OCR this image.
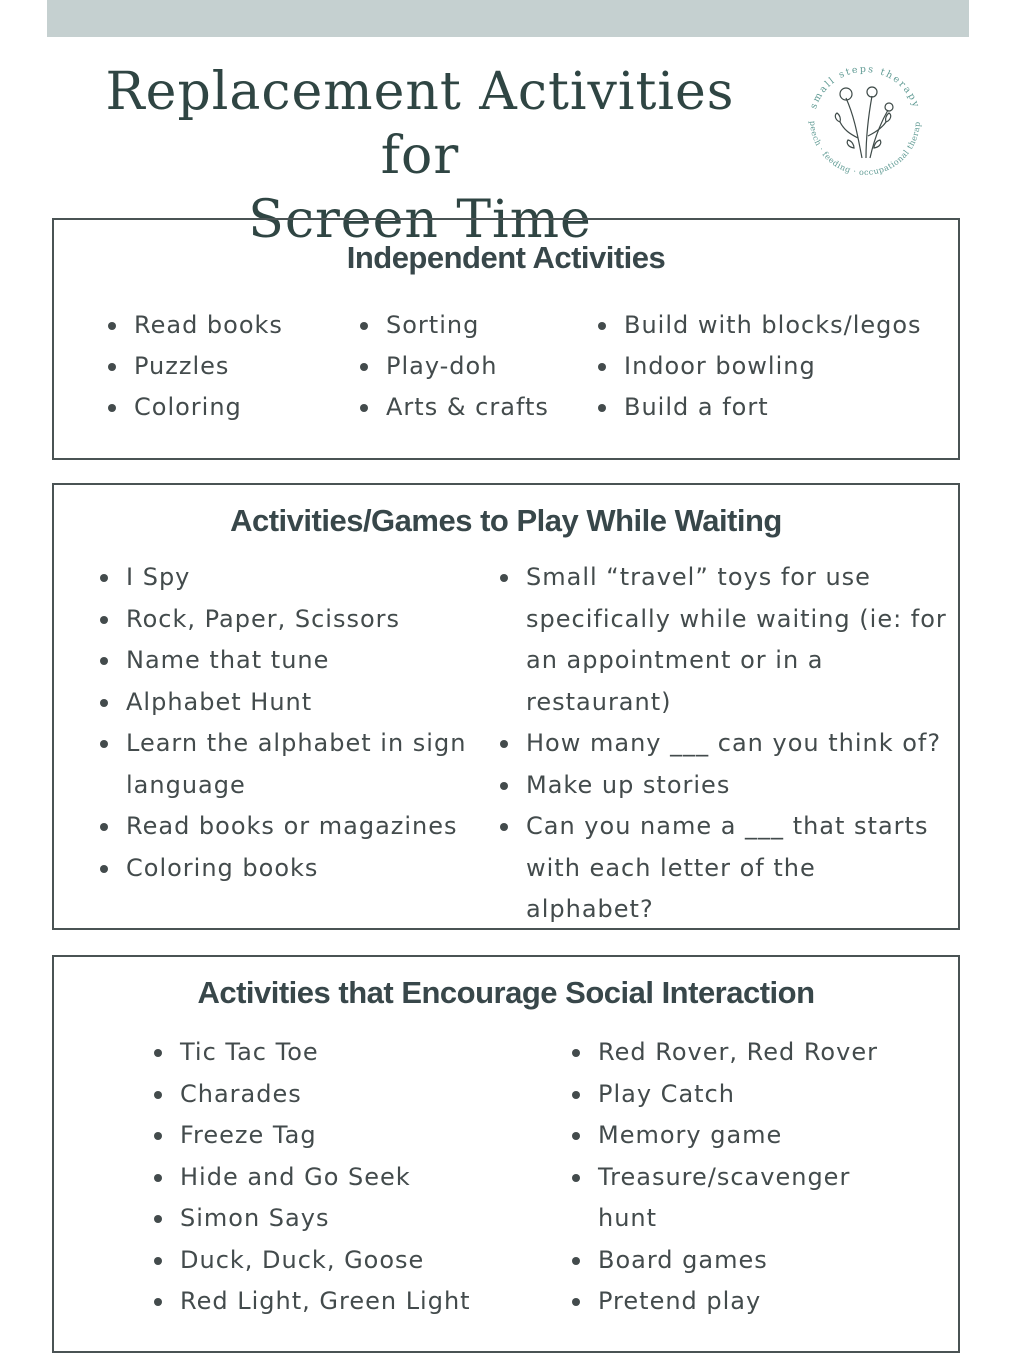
Replacement Activities for
Screen Time
small steps therapy
peech · feeding · occupational therap
Independent Activities
Read books
Puzzles
Coloring
Sorting
Play-doh
Arts & crafts
Build with blocks/legos
Indoor bowling
Build a fort
Activities/Games to Play While Waiting
I Spy
Rock, Paper, Scissors
Name that tune
Alphabet Hunt
Learn the alphabet in sign language
Read books or magazines
Coloring books
Small “travel” toys for use specifically while waiting (ie: for an appointment or in a restaurant)
How many ___ can you think of?
Make up stories
Can you name a ___ that starts with each letter of the alphabet?
Activities that Encourage Social Interaction
Tic Tac Toe
Charades
Freeze Tag
Hide and Go Seek
Simon Says
Duck, Duck, Goose
Red Light, Green Light
Red Rover, Red Rover
Play Catch
Memory game
Treasure/scavenger hunt
Board games
Pretend play
